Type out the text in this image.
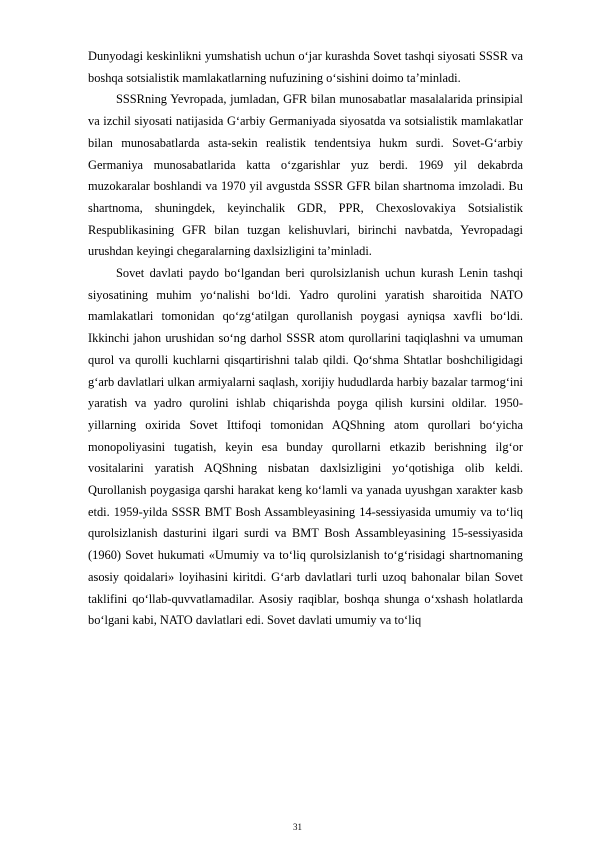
Dunyodagi keskinlikni yumshatish uchun o‘jar kurashda Sovet tashqi siyosati SSSR va boshqa sotsialistik mamlakatlarning nufuzining o‘sishini doimo ta’minladi.

SSSRning Yevropada, jumladan, GFR bilan munosabatlar masalalarida prinsipial va izchil siyosati natijasida G‘arbiy Germaniyada siyosatda va sotsialistik mamlakatlar bilan munosabatlarda asta-sekin realistik tendentsiya hukm surdi. Sovet-G‘arbiy Germaniya munosabatlarida katta o‘zgarishlar yuz berdi. 1969 yil dekabrda muzokaralar boshlandi va 1970 yil avgustda SSSR GFR bilan shartnoma imzoladi. Bu shartnoma, shuningdek, keyinchalik GDR, PPR, Chexoslovakiya Sotsialistik Respublikasining GFR bilan tuzgan kelishuvlari, birinchi navbatda, Yevropadagi urushdan keyingi chegaralarning daxlsizligini ta’minladi.

Sovet davlati paydo bo‘lgandan beri qurolsizlanish uchun kurash Lenin tashqi siyosatining muhim yo‘nalishi bo‘ldi. Yadro qurolini yaratish sharoitida NATO mamlakatlari tomonidan qo‘zg‘atilgan qurollanish poygasi ayniqsa xavfli bo‘ldi. Ikkinchi jahon urushidan so‘ng darhol SSSR atom qurollarini taqiqlashni va umuman qurol va qurolli kuchlarni qisqartirishni talab qildi. Qo‘shma Shtatlar boshchiligidagi g‘arb davlatlari ulkan armiyalarni saqlash, xorijiy hududlarda harbiy bazalar tarmog‘ini yaratish va yadro qurolini ishlab chiqarishda poyga qilish kursini oldilar. 1950-yillarning oxirida Sovet Ittifoqi tomonidan AQShning atom qurollari bo‘yicha monopoliyasini tugatish, keyin esa bunday qurollarni etkazib berishning ilg‘or vositalarini yaratish AQShning nisbatan daxlsizligini yo‘qotishiga olib keldi. Qurollanish poygasiga qarshi harakat keng ko‘lamli va yanada uyushgan xarakter kasb etdi. 1959-yilda SSSR BMT Bosh Assambleyasining 14-sessiyasida umumiy va to‘liq qurolsizlanish dasturini ilgari surdi va BMT Bosh Assambleyasining 15-sessiyasida (1960) Sovet hukumati «Umumiy va to‘liq qurolsizlanish to‘g‘risidagi shartnomaning asosiy qoidalari» loyihasini kiritdi. G‘arb davlatlari turli uzoq bahonalar bilan Sovet taklifini qo‘llab-quvvatlamadilar. Asosiy raqiblar, boshqa shunga o‘xshash holatlarda bo‘lgani kabi, NATO davlatlari edi. Sovet davlati umumiy va to‘liq

31
